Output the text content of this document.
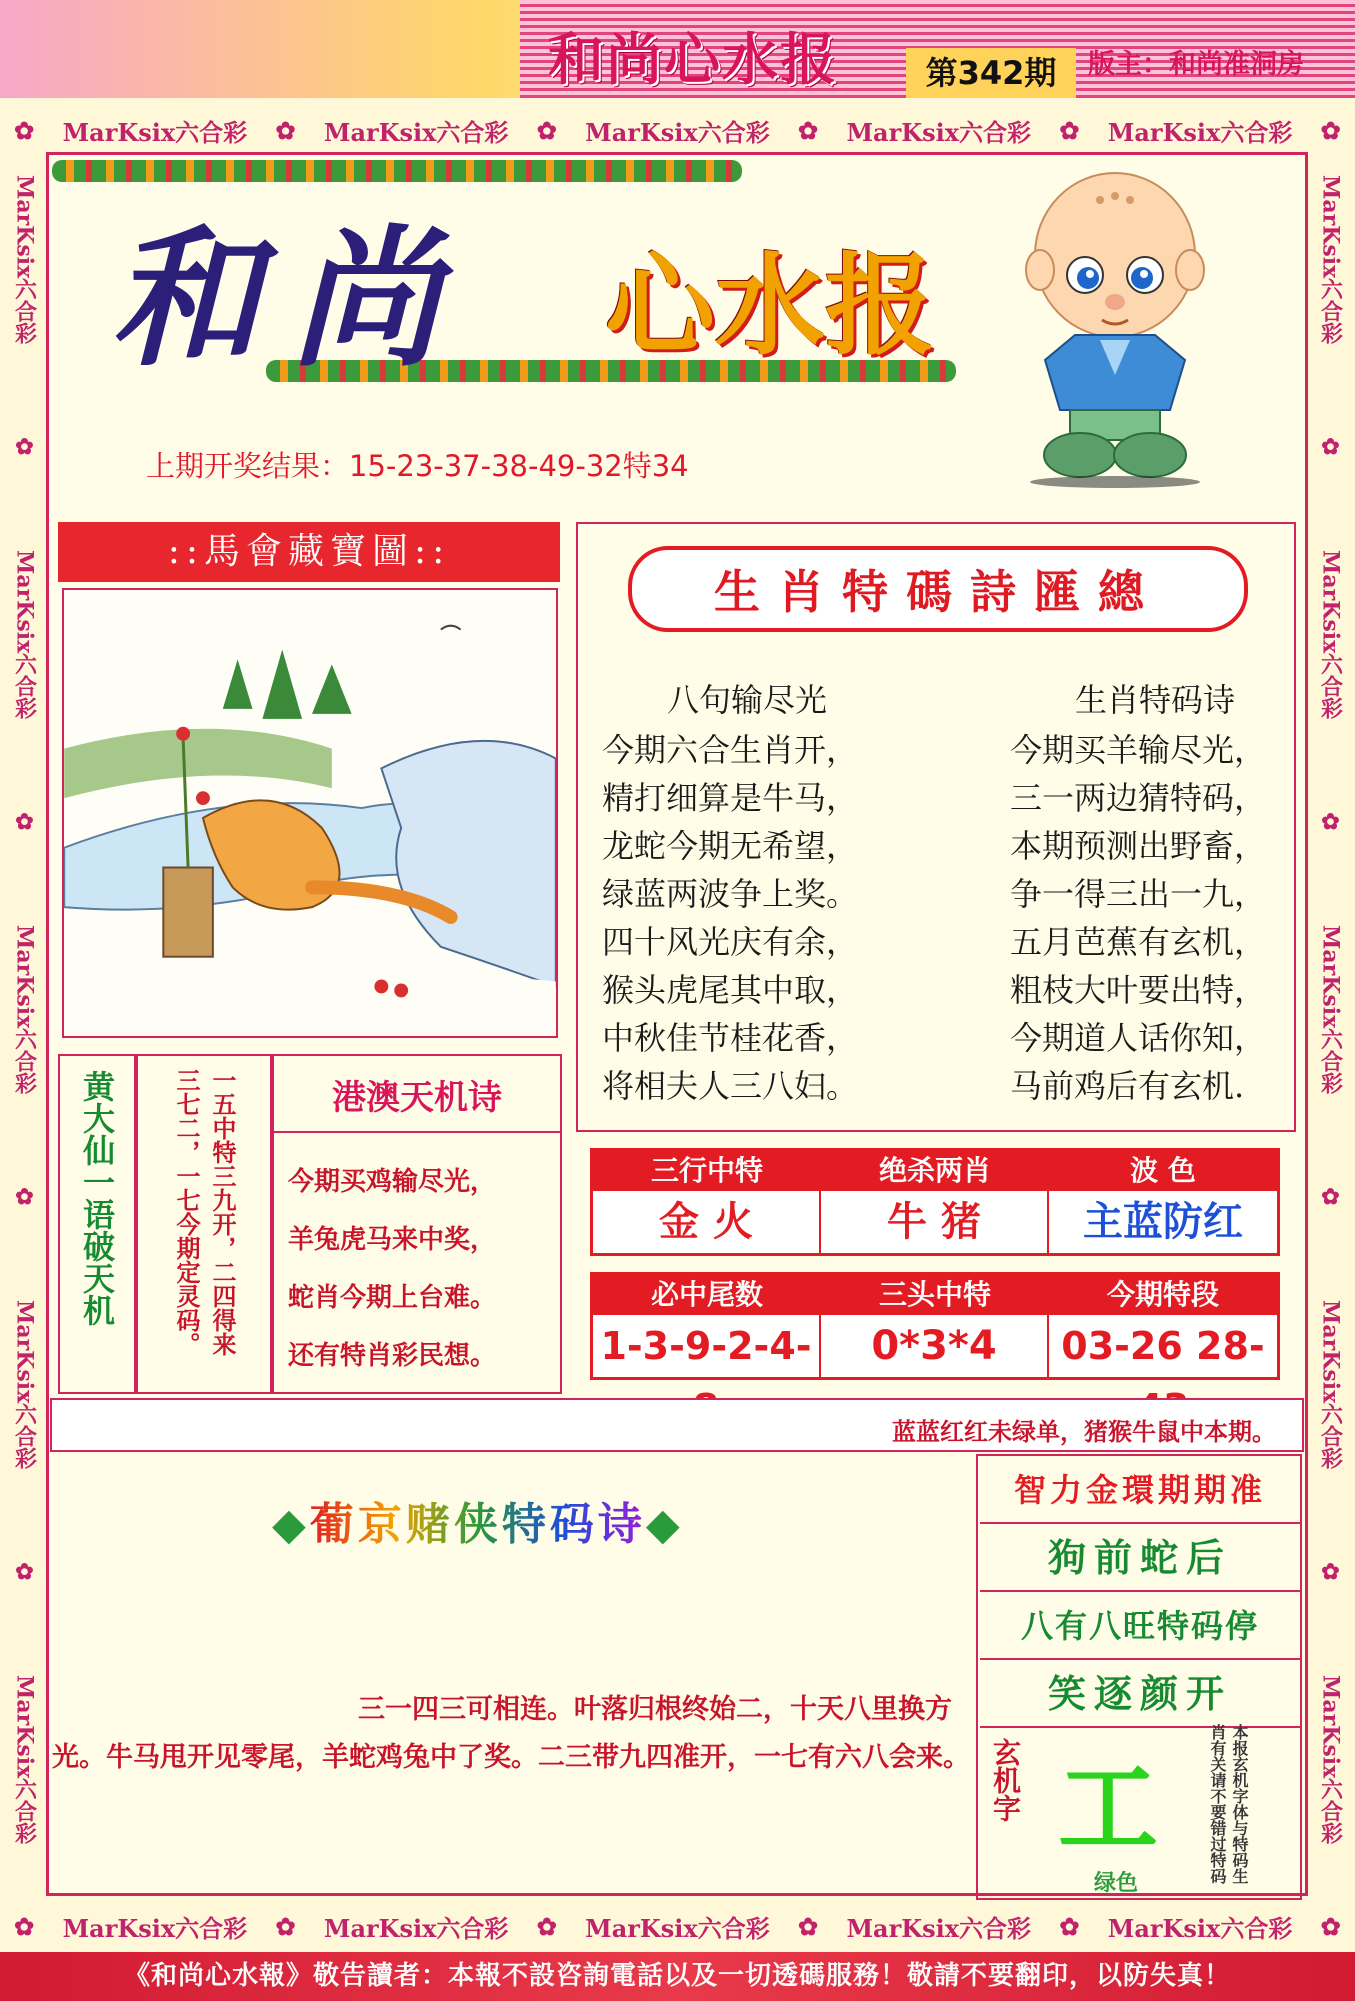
和尚心水报	第342期	版主：和尚准洞房
✿ MarKsix六合彩 ✿ MarKsix六合彩 ✿ MarKsix六合彩 ✿ MarKsix六合彩 ✿ MarKsix六合彩 ✿
✿ MarKsix六合彩 ✿ MarKsix六合彩 ✿ MarKsix六合彩 ✿ MarKsix六合彩 ✿ MarKsix六合彩 ✿
MarKsix六合彩
✿
MarKsix六合彩
✿
MarKsix六合彩
✿
MarKsix六合彩
✿
MarKsix六合彩
MarKsix六合彩
✿
MarKsix六合彩
✿
MarKsix六合彩
✿
MarKsix六合彩
✿
MarKsix六合彩
和尚 心水报
上期开奖结果：15-23-37-38-49-32特34
::馬會藏寶圖::
黄大仙一语破天机	一五中特三九开，二四得来三七二，一七今期定灵码。	港澳天机诗
今期买鸡输尽光，
羊兔虎马来中奖，
蛇肖今期上台难。
还有特肖彩民想。
生肖特碼詩匯總
八句输尽光
今期六合生肖开，
精打细算是牛马，
龙蛇今期无希望，
绿蓝两波争上奖。
四十风光庆有余，
猴头虎尾其中取，
中秋佳节桂花香，
将相夫人三八妇。
生肖特码诗
今期买羊输尽光，
三一两边猜特码，
本期预测出野畜，
争一得三出一九，
五月芭蕉有玄机，
粗枝大叶要出特，
今期道人话你知，
马前鸡后有玄机.
三行中特	绝杀两肖	波 色
金 火	牛 猪	主蓝防红
必中尾数	三头中特	今期特段
1-3-9-2-4-	0*3*4	03-26 28-
蓝蓝红红未绿单，猪猴牛鼠中本期。
◆葡京赌侠特码诗◆
三一四三可相连。叶落归根终始二，十天八里换方光。牛马甩开见零尾，羊蛇鸡兔中了奖。二三带九四准开，一七有六八会来。
智力金環期期准
狗前蛇后
八有八旺特码停
笑逐颜开
玄机字 工
绿色	本报玄机字体与特码生肖有关请不要错过特码
《和尚心水報》敬告讀者：本報不設咨詢電話以及一切透碼服務！敬請不要翻印，以防失真！
